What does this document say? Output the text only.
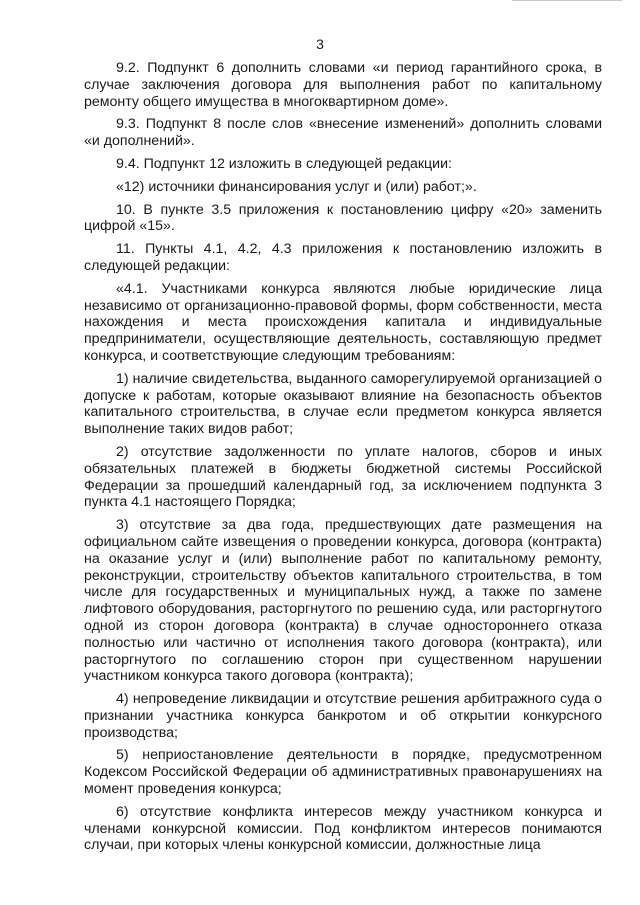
3

9.2. Подпункт 6 дополнить словами «и период гарантийного срока, в случае заключения договора для выполнения работ по капитальному ремонту общего имущества в многоквартирном доме».

9.3. Подпункт 8 после слов «внесение изменений» дополнить словами «и дополнений».

9.4. Подпункт 12 изложить в следующей редакции:

«12) источники финансирования услуг и (или) работ;».

10. В пункте 3.5 приложения к постановлению цифру «20» заменить цифрой «15».

11. Пункты 4.1, 4.2, 4.3 приложения к постановлению изложить в следующей редакции:

«4.1. Участниками конкурса являются любые юридические лица независимо от организационно-правовой формы, форм собственности, места нахождения и места происхождения капитала и индивидуальные предприниматели, осуществляющие деятельность, составляющую предмет конкурса, и соответствующие следующим требованиям:

1) наличие свидетельства, выданного саморегулируемой организацией о допуске к работам, которые оказывают влияние на безопасность объектов капитального строительства, в случае если предметом конкурса является выполнение таких видов работ;

2) отсутствие задолженности по уплате налогов, сборов и иных обязательных платежей в бюджеты бюджетной системы Российской Федерации за прошедший календарный год, за исключением подпункта 3 пункта 4.1 настоящего Порядка;

3) отсутствие за два года, предшествующих дате размещения на официальном сайте извещения о проведении конкурса, договора (контракта) на оказание услуг и (или) выполнение работ по капитальному ремонту, реконструкции, строительству объектов капитального строительства, в том числе для государственных и муниципальных нужд, а также по замене лифтового оборудования, расторгнутого по решению суда, или расторгнутого одной из сторон договора (контракта) в случае одностороннего отказа полностью или частично от исполнения такого договора (контракта), или расторгнутого по соглашению сторон при существенном нарушении участником конкурса такого договора (контракта);

4) непроведение ликвидации и отсутствие решения арбитражного суда о признании участника конкурса банкротом и об открытии конкурсного производства;

5) неприостановление деятельности в порядке, предусмотренном Кодексом Российской Федерации об административных правонарушениях на момент проведения конкурса;

6) отсутствие конфликта интересов между участником конкурса и членами конкурсной комиссии. Под конфликтом интересов понимаются случаи, при которых члены конкурсной комиссии, должностные лица
